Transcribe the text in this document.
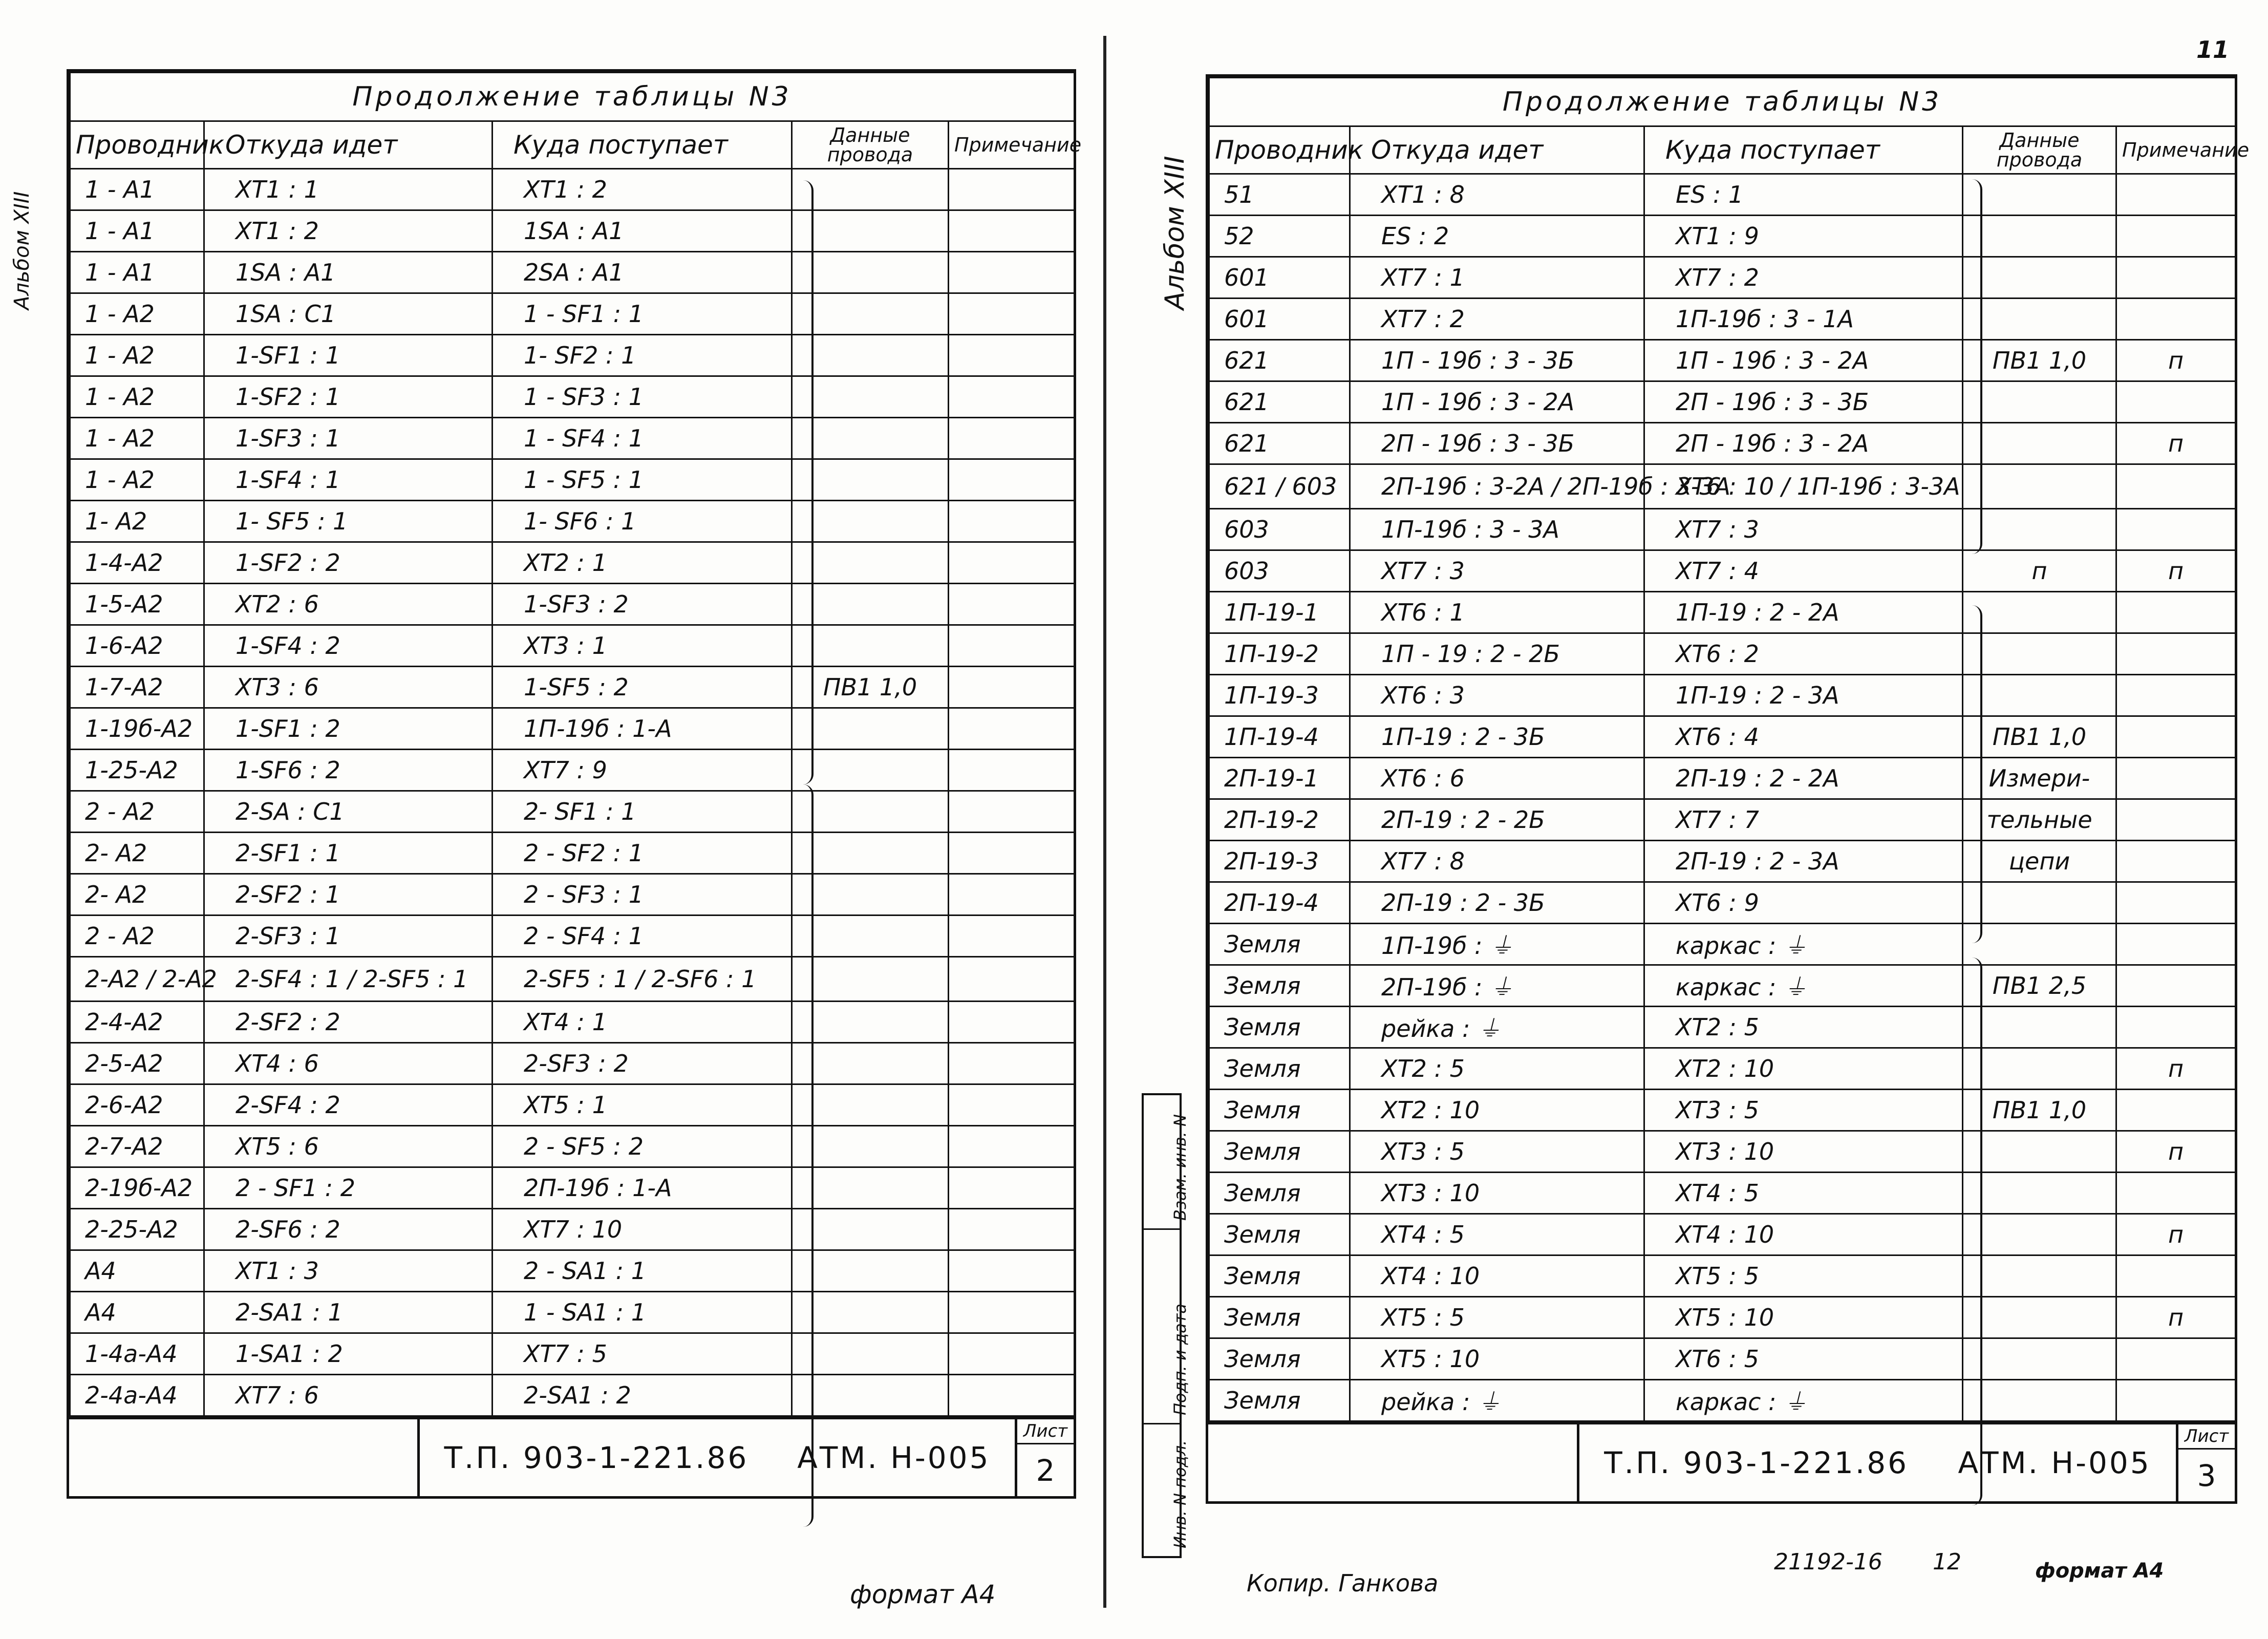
Альбом XIII
Продолжение таблицы N3				
Проводник	Откуда идет	Куда поступает	Данные провода	Примечание
1 - A1	XT1 : 1	XT1 : 2		
1 - A1	XT1 : 2	1SA : A1		
1 - A1	1SA : A1	2SA : A1		
1 - A2	1SA : C1	1 - SF1 : 1		
1 - A2	1-SF1 : 1	1- SF2 : 1		
1 - A2	1-SF2 : 1	1 - SF3 : 1		
1 - A2	1-SF3 : 1	1 - SF4 : 1		
1 - A2	1-SF4 : 1	1 - SF5 : 1		
1- A2	1- SF5 : 1	1- SF6 : 1		
1-4-A2	1-SF2 : 2	XT2 : 1		
1-5-A2	XT2 : 6	1-SF3 : 2		
1-6-A2	1-SF4 : 2	XT3 : 1		
1-7-A2	XT3 : 6	1-SF5 : 2	ПВ1 1,0	
1-19б-A2	1-SF1 : 2	1П-19б : 1-A		
1-25-A2	1-SF6 : 2	XT7 : 9		
2 - A2	2-SA : C1	2- SF1 : 1		
2- A2	2-SF1 : 1	2 - SF2 : 1		
2- A2	2-SF2 : 1	2 - SF3 : 1		
2 - A2	2-SF3 : 1	2 - SF4 : 1		
2-A2 / 2-A2	2-SF4 : 1 / 2-SF5 : 1	2-SF5 : 1 / 2-SF6 : 1		
2-4-A2	2-SF2 : 2	XT4 : 1		
2-5-A2	XT4 : 6	2-SF3 : 2		
2-6-A2	2-SF4 : 2	XT5 : 1		
2-7-A2	XT5 : 6	2 - SF5 : 2		
2-19б-A2	2 - SF1 : 2	2П-19б : 1-A		
2-25-A2	2-SF6 : 2	XT7 : 10		
A4	XT1 : 3	2 - SA1 : 1		
A4	2-SA1 : 1	1 - SA1 : 1		
1-4a-A4	1-SA1 : 2	XT7 : 5		
2-4a-A4	XT7 : 6	2-SA1 : 2		
Т.П. 903-1-221.86 АТМ. Н-005
Лист
2
формат А4
11
Альбом XIII
Продолжение таблицы N3				
Проводник	Откуда идет	Куда поступает	Данные провода	Примечание
51	XT1 : 8	ES : 1		
52	ES : 2	XT1 : 9		
601	XT7 : 1	XT7 : 2		
601	XT7 : 2	1П-19б : 3 - 1A		
621	1П - 19б : 3 - 3Б	1П - 19б : 3 - 2A	ПВ1 1,0	п
621	1П - 19б : 3 - 2A	2П - 19б : 3 - 3Б		
621	2П - 19б : 3 - 3Б	2П - 19б : 3 - 2A		п
621 / 603	2П-19б : 3-2A / 2П-19б : 3-3A	XT6 : 10 / 1П-19б : 3-3A		
603	1П-19б : 3 - 3A	XT7 : 3		
603	XT7 : 3	XT7 : 4	п	п
1П-19-1	XT6 : 1	1П-19 : 2 - 2A		
1П-19-2	1П - 19 : 2 - 2Б	XT6 : 2		
1П-19-3	XT6 : 3	1П-19 : 2 - 3A		
1П-19-4	1П-19 : 2 - 3Б	XT6 : 4	ПВ1 1,0	
2П-19-1	XT6 : 6	2П-19 : 2 - 2A	Измери-	
2П-19-2	2П-19 : 2 - 2Б	XT7 : 7	тельные	
2П-19-3	XT7 : 8	2П-19 : 2 - 3A	цепи	
2П-19-4	2П-19 : 2 - 3Б	XT6 : 9		
Земля	1П-19б : ⏚	каркас : ⏚		
Земля	2П-19б : ⏚	каркас : ⏚	ПВ1 2,5	
Земля	рейка : ⏚	XT2 : 5		
Земля	XT2 : 5	XT2 : 10		п
Земля	XT2 : 10	XT3 : 5	ПВ1 1,0	
Земля	XT3 : 5	XT3 : 10		п
Земля	XT3 : 10	XT4 : 5		
Земля	XT4 : 5	XT4 : 10		п
Земля	XT4 : 10	XT5 : 5		
Земля	XT5 : 5	XT5 : 10		п
Земля	XT5 : 10	XT6 : 5		
Земля	рейка : ⏚	каркас : ⏚		
Т.П. 903-1-221.86 АТМ. Н-005
Лист
3
Копир. Ганкова
21192-16 12	формат А4
Взам. инв. N
Подп. и дата
Инв. N подл.
